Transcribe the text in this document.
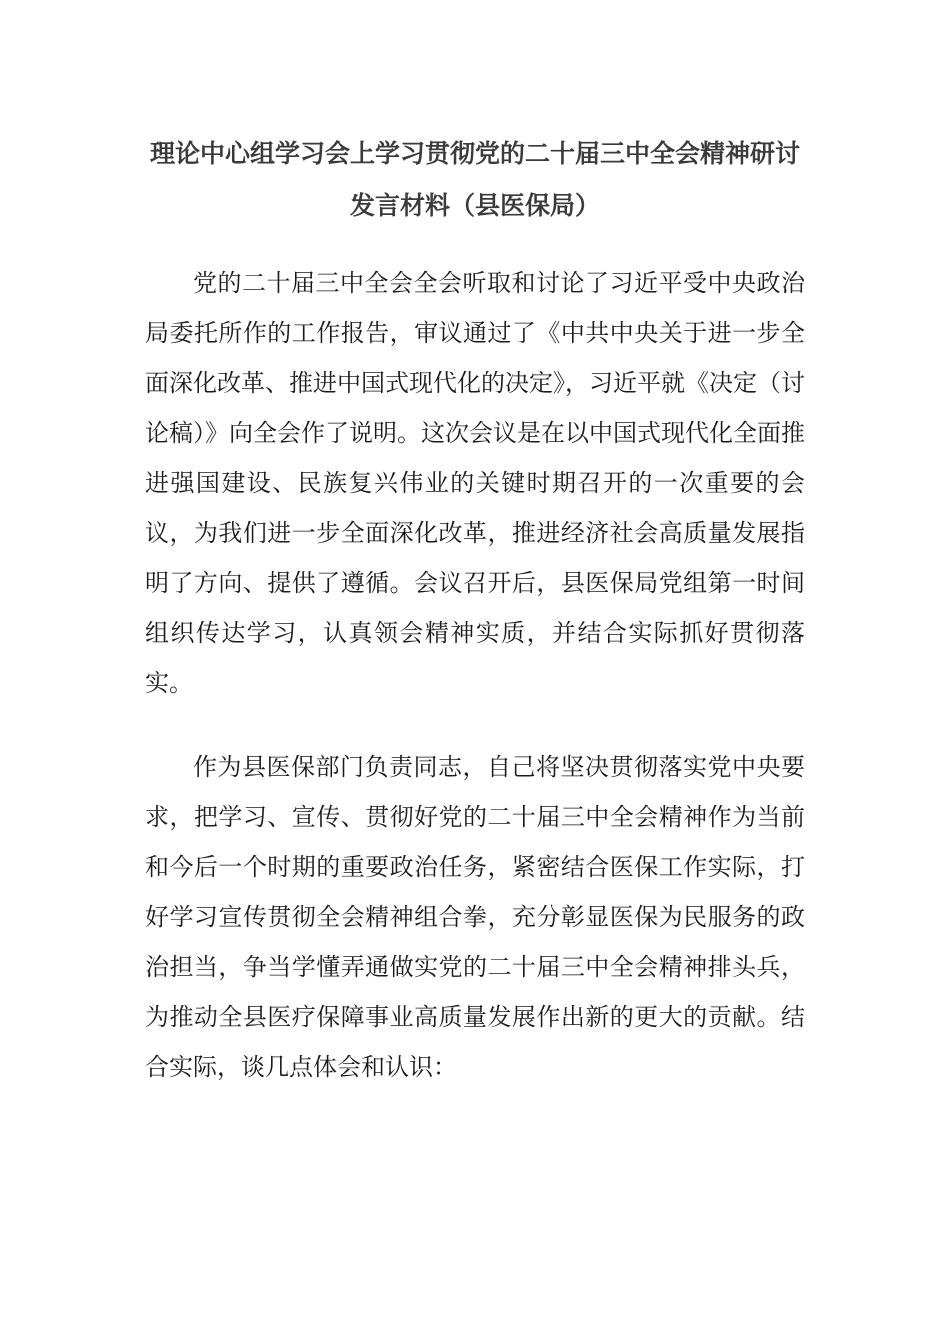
理论中心组学习会上学习贯彻党的二十届三中全会精神研讨发言材料（县医保局）

党的二十届三中全会全会听取和讨论了习近平受中央政治局委托所作的工作报告，审议通过了《中共中央关于进一步全面深化改革、推进中国式现代化的决定》，习近平就《决定（讨论稿）》向全会作了说明。这次会议是在以中国式现代化全面推进强国建设、民族复兴伟业的关键时期召开的一次重要的会议，为我们进一步全面深化改革，推进经济社会高质量发展指明了方向、提供了遵循。会议召开后，县医保局党组第一时间组织传达学习，认真领会精神实质，并结合实际抓好贯彻落实。

作为县医保部门负责同志，自己将坚决贯彻落实党中央要求，把学习、宣传、贯彻好党的二十届三中全会精神作为当前和今后一个时期的重要政治任务，紧密结合医保工作实际，打好学习宣传贯彻全会精神组合拳，充分彰显医保为民服务的政治担当，争当学懂弄通做实党的二十届三中全会精神排头兵，为推动全县医疗保障事业高质量发展作出新的更大的贡献。结合实际，谈几点体会和认识：
